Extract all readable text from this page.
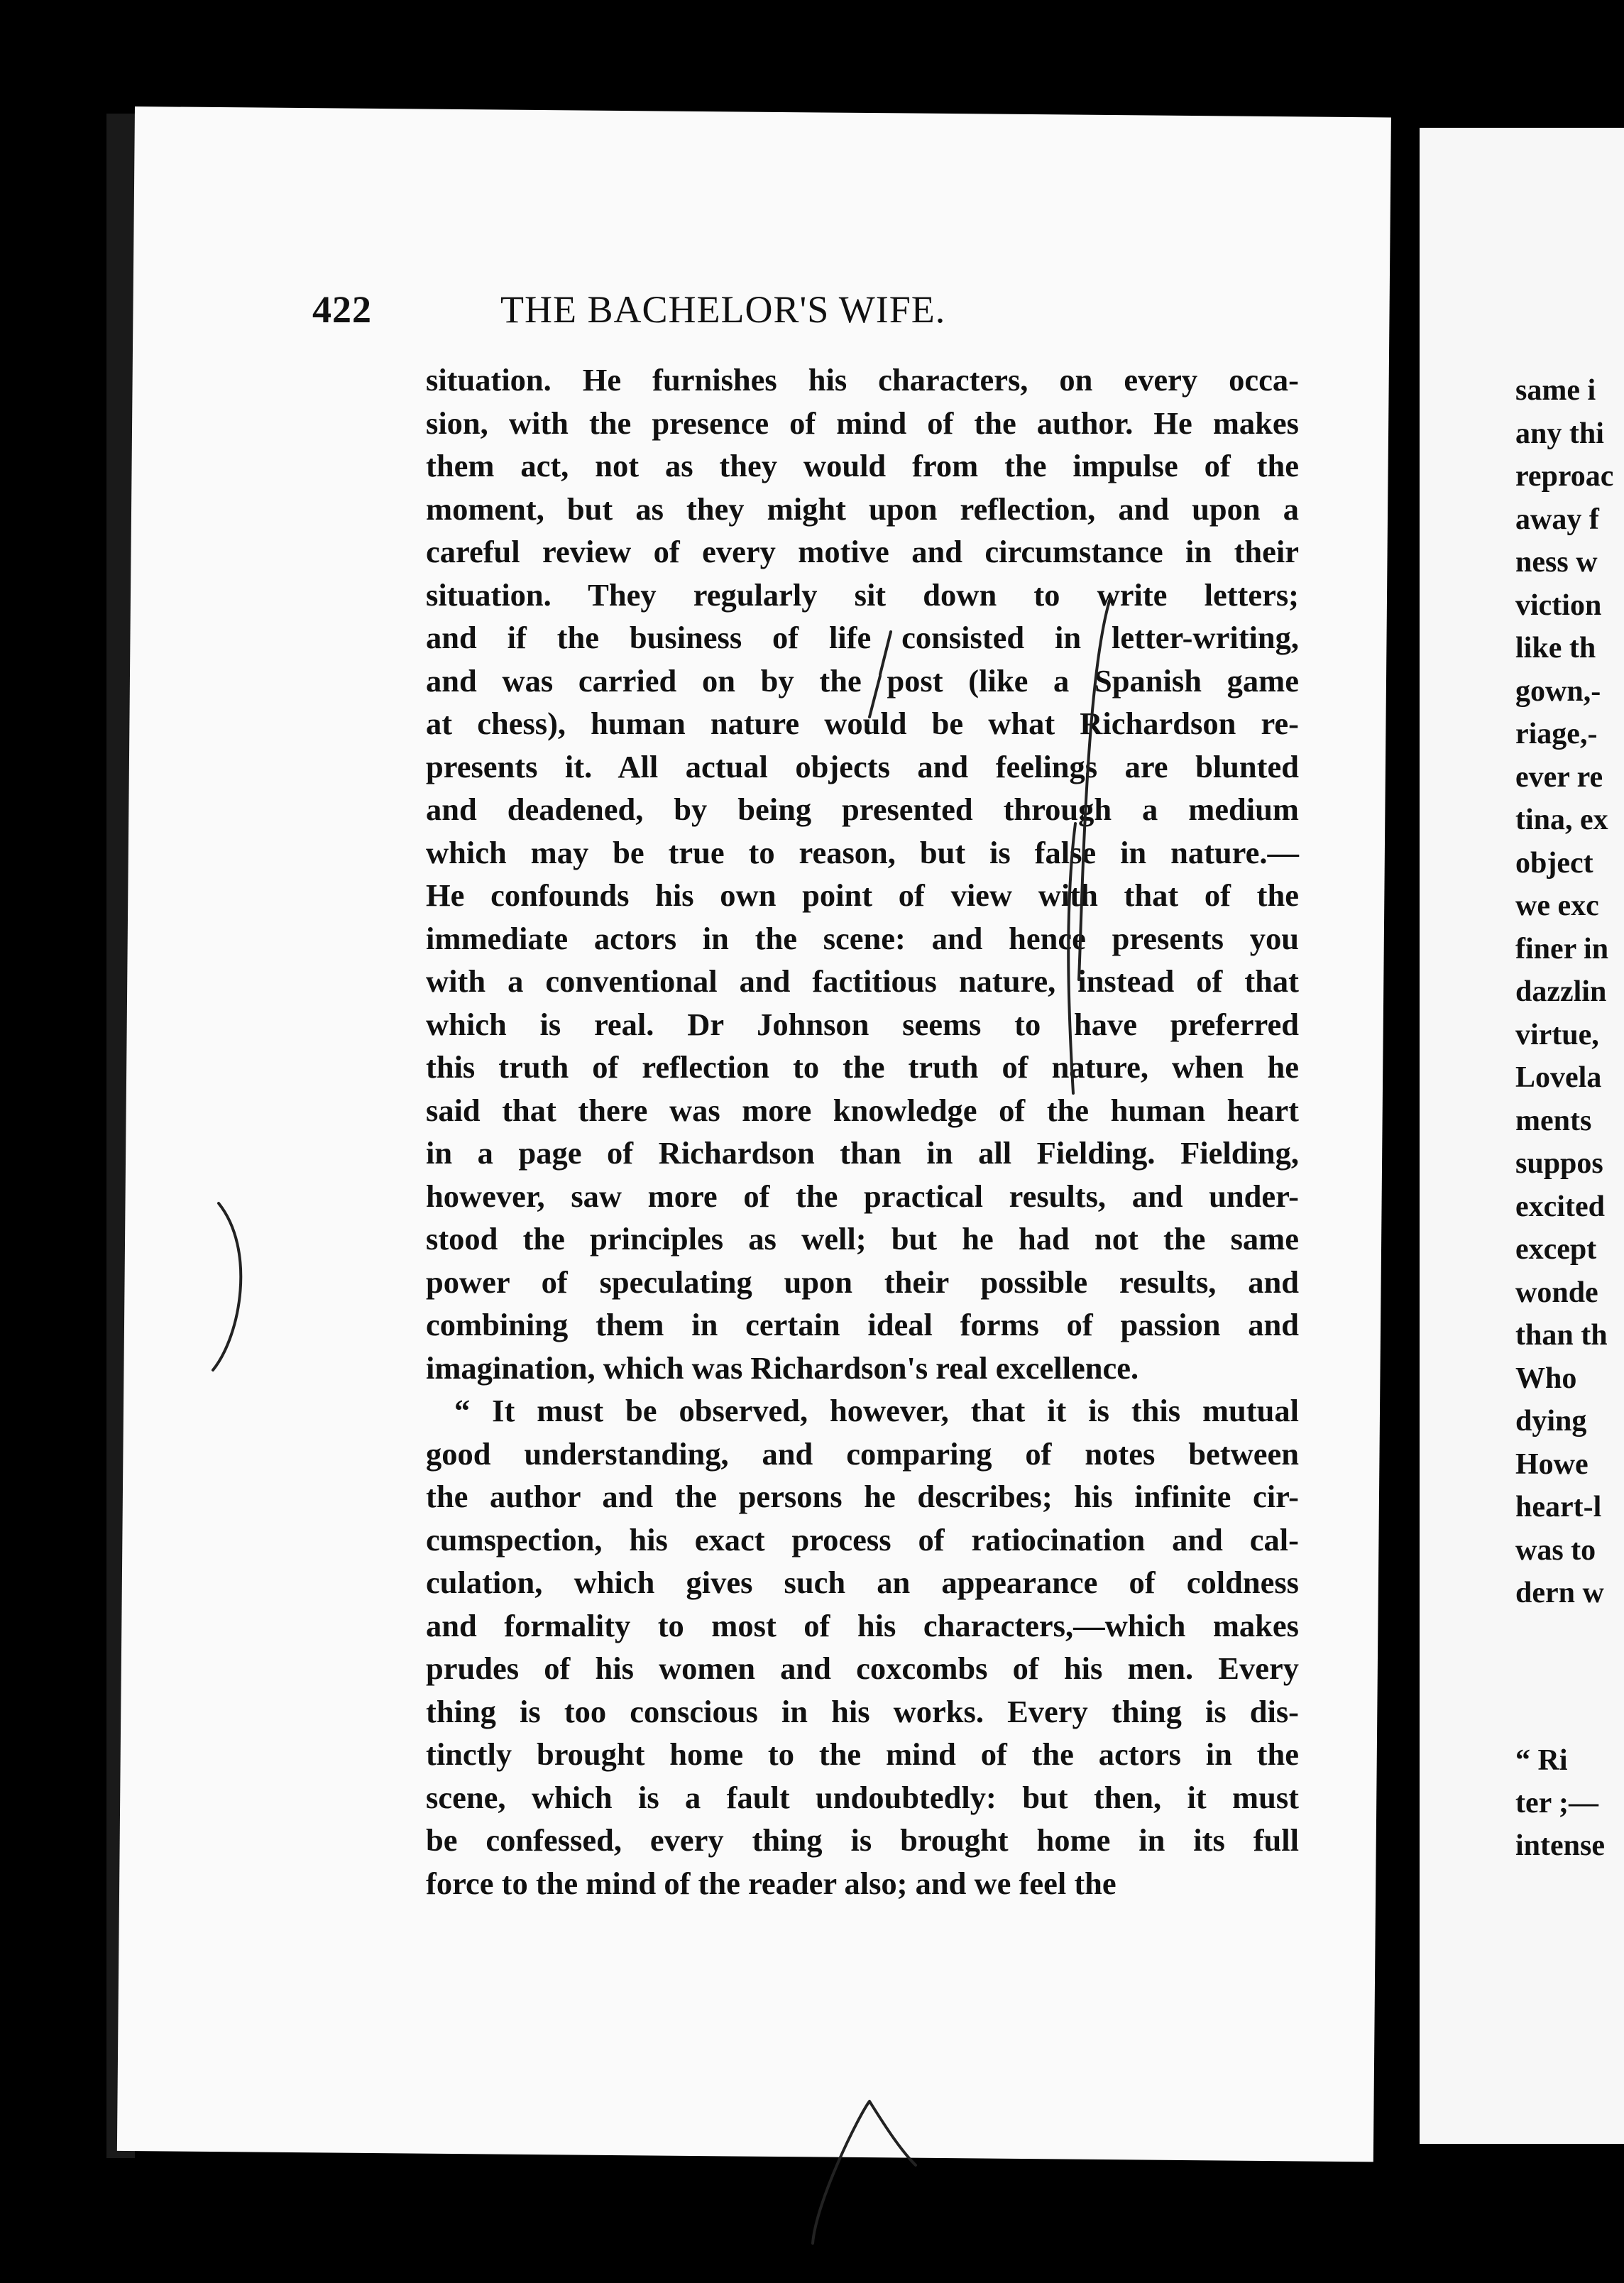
same i
any thi
reproac
away f
ness w
viction
like th
gown,-
riage,-
ever re
tina, ex
object
we exc
finer in
dazzlin
virtue,
Lovela
ments
suppos
excited
except
wonde
than th
Who
dying
Howe
heart-l
was to
dern w
“ Ri
ter ;—
intense
422	THE BACHELOR'S WIFE.
situation. He furnishes his characters, on every occa-
sion, with the presence of mind of the author. He makes
them act, not as they would from the impulse of the
moment, but as they might upon reflection, and upon a
careful review of every motive and circumstance in their
situation. They regularly sit down to write letters;
and if the business of life consisted in letter-writing,
and was carried on by the post (like a Spanish game
at chess), human nature would be what Richardson re-
presents it. All actual objects and feelings are blunted
and deadened, by being presented through a medium
which may be true to reason, but is false in nature.—
He confounds his own point of view with that of the
immediate actors in the scene: and hence presents you
with a conventional and factitious nature, instead of that
which is real. Dr Johnson seems to have preferred
this truth of reflection to the truth of nature, when he
said that there was more knowledge of the human heart
in a page of Richardson than in all Fielding. Fielding,
however, saw more of the practical results, and under-
stood the principles as well; but he had not the same
power of speculating upon their possible results, and
combining them in certain ideal forms of passion and
imagination, which was Richardson's real excellence.
“ It must be observed, however, that it is this mutual
good understanding, and comparing of notes between
the author and the persons he describes; his infinite cir-
cumspection, his exact process of ratiocination and cal-
culation, which gives such an appearance of coldness
and formality to most of his characters,—which makes
prudes of his women and coxcombs of his men. Every
thing is too conscious in his works. Every thing is dis-
tinctly brought home to the mind of the actors in the
scene, which is a fault undoubtedly: but then, it must
be confessed, every thing is brought home in its full
force to the mind of the reader also; and we feel the
